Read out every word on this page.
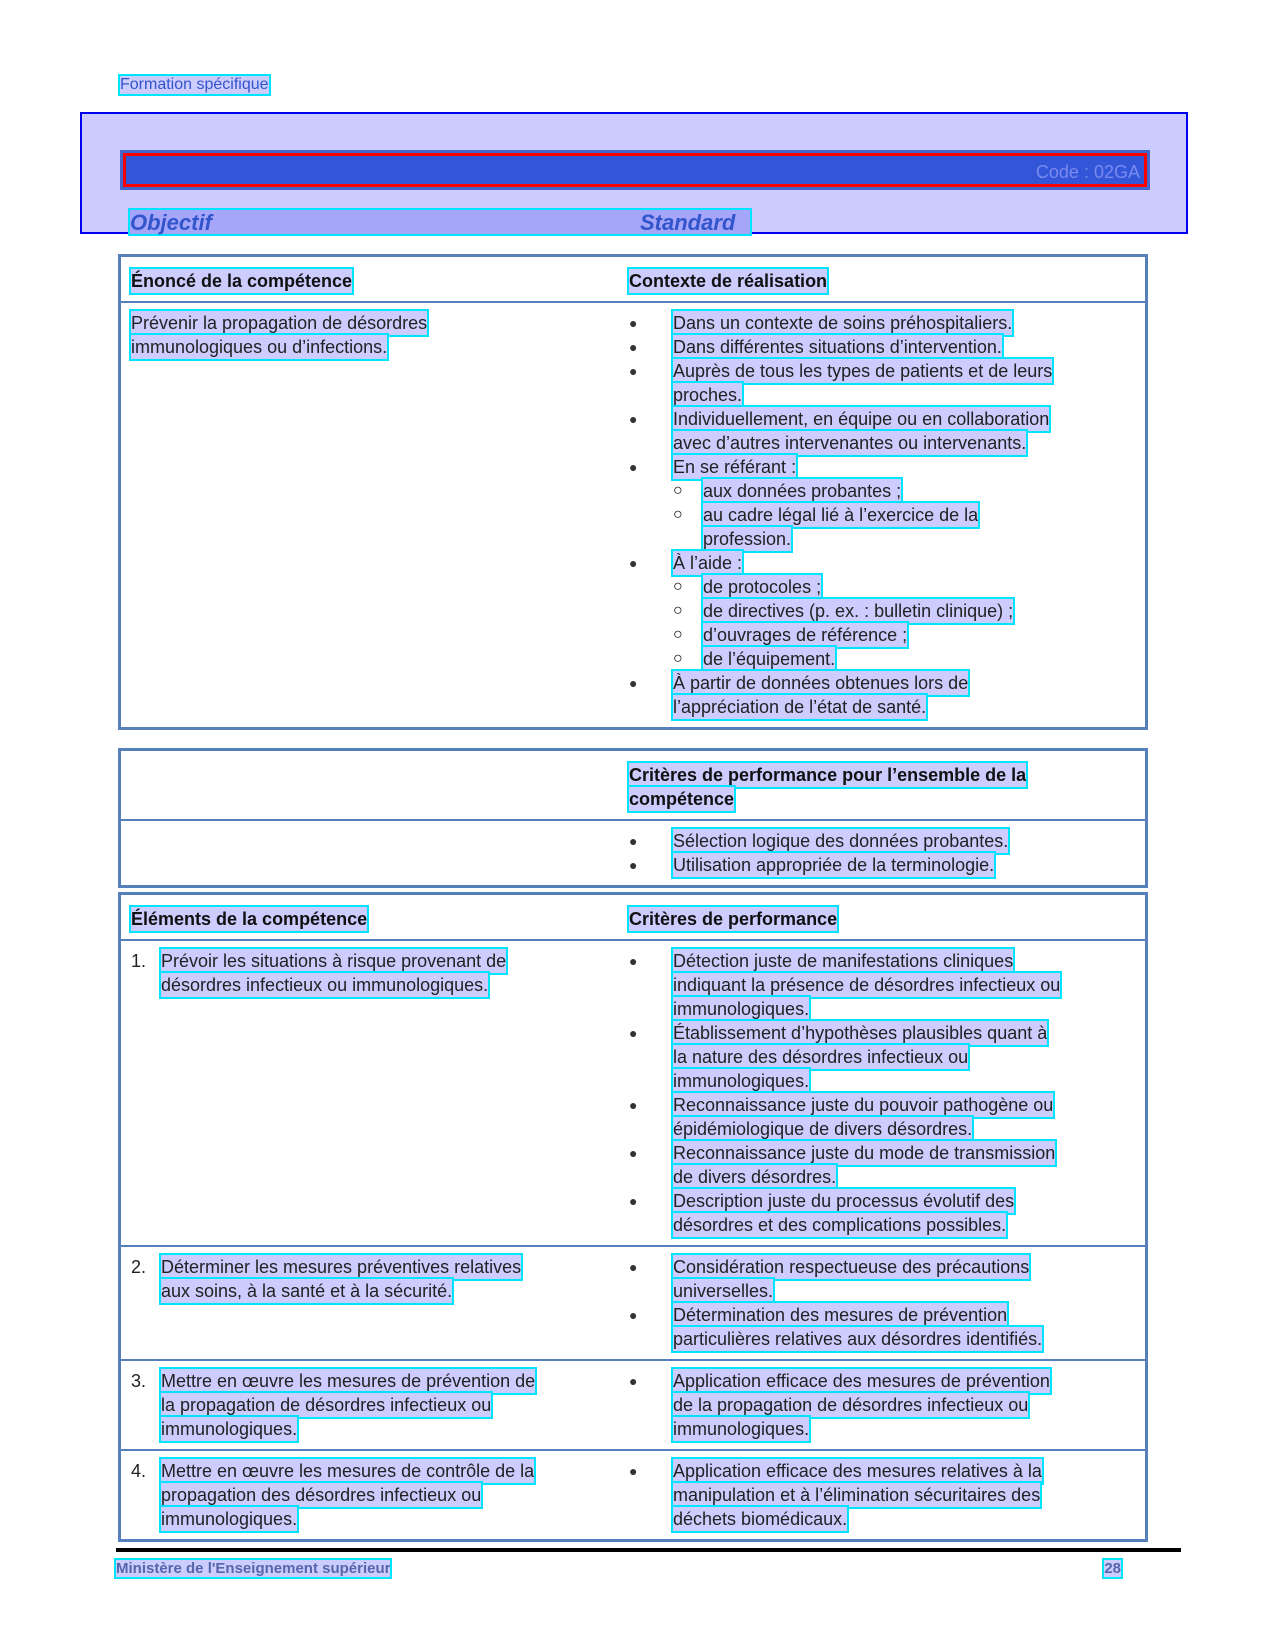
Formation spécifique
Code : 02GA
Objectif	Standard
Énoncé de la compétence	Contexte de réalisation
Prévenir la propagation de désordres
immunologiques ou d’infections.
●	Dans un contexte de soins préhospitaliers.
●	Dans différentes situations d’intervention.
●	Auprès de tous les types de patients et de leurs
proches.
●	Individuellement, en équipe ou en collaboration
avec d’autres intervenantes ou intervenants.
●	En se référant :
○	aux données probantes ;
○	au cadre légal lié à l’exercice de la
profession.
●	À l’aide :
○	de protocoles ;
○	de directives (p. ex. : bulletin clinique) ;
○	d’ouvrages de référence ;
○	de l’équipement.
●	À partir de données obtenues lors de
l’appréciation de l’état de santé.
Critères de performance pour l’ensemble de la
compétence
●	Sélection logique des données probantes.
●	Utilisation appropriée de la terminologie.
Éléments de la compétence	Critères de performance
1. Prévoir les situations à risque provenant de
désordres infectieux ou immunologiques.
●	Détection juste de manifestations cliniques
indiquant la présence de désordres infectieux ou
immunologiques.
●	Établissement d’hypothèses plausibles quant à
la nature des désordres infectieux ou
immunologiques.
●	Reconnaissance juste du pouvoir pathogène ou
épidémiologique de divers désordres.
●	Reconnaissance juste du mode de transmission
de divers désordres.
●	Description juste du processus évolutif des
désordres et des complications possibles.
2. Déterminer les mesures préventives relatives
aux soins, à la santé et à la sécurité.
●	Considération respectueuse des précautions
universelles.
●	Détermination des mesures de prévention
particulières relatives aux désordres identifiés.
3. Mettre en œuvre les mesures de prévention de
la propagation de désordres infectieux ou
immunologiques.
●	Application efficace des mesures de prévention
de la propagation de désordres infectieux ou
immunologiques.
4. Mettre en œuvre les mesures de contrôle de la
propagation des désordres infectieux ou
immunologiques.
●	Application efficace des mesures relatives à la
manipulation et à l’élimination sécuritaires des
déchets biomédicaux.
Ministère de l'Enseignement supérieur	28
